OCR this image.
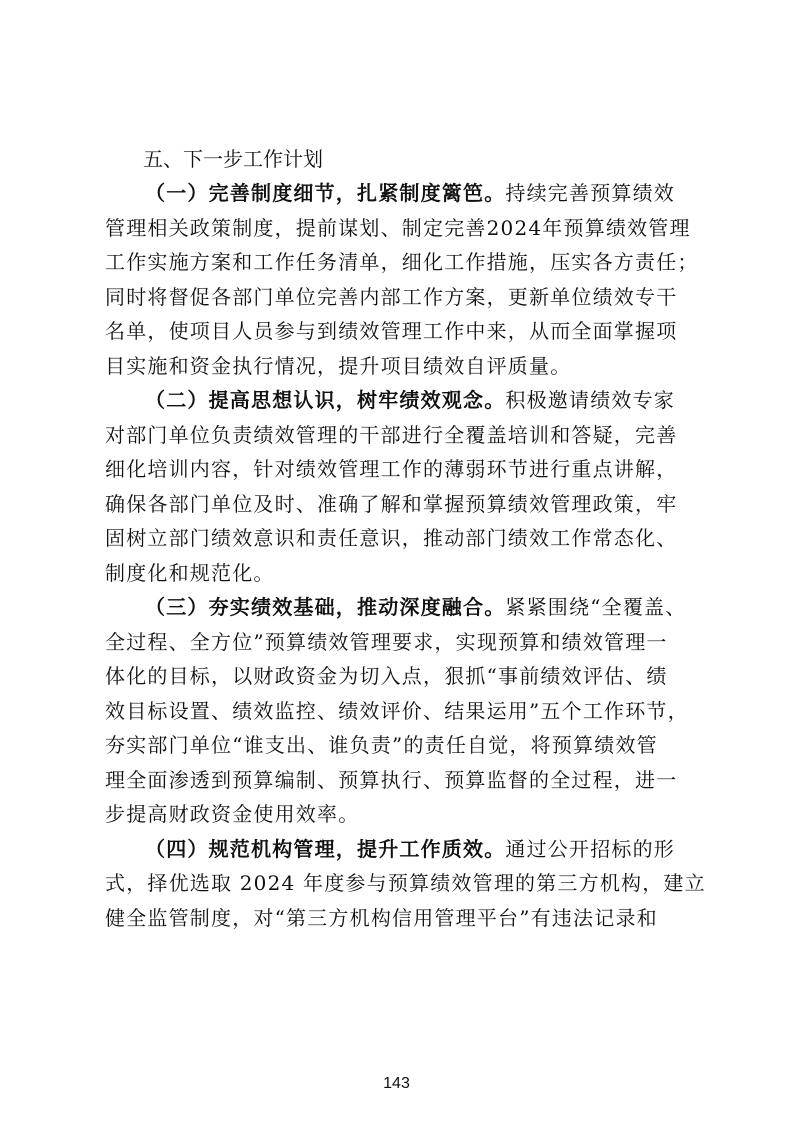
五、下一步工作计划
（一）完善制度细节，扎紧制度篱笆。持续完善预算绩效
管理相关政策制度，提前谋划、制定完善2024年预算绩效管理
工作实施方案和工作任务清单，细化工作措施，压实各方责任；
同时将督促各部门单位完善内部工作方案，更新单位绩效专干
名单，使项目人员参与到绩效管理工作中来，从而全面掌握项
目实施和资金执行情况，提升项目绩效自评质量。
（二）提高思想认识，树牢绩效观念。积极邀请绩效专家
对部门单位负责绩效管理的干部进行全覆盖培训和答疑，完善
细化培训内容，针对绩效管理工作的薄弱环节进行重点讲解，
确保各部门单位及时、准确了解和掌握预算绩效管理政策，牢
固树立部门绩效意识和责任意识，推动部门绩效工作常态化、
制度化和规范化。
（三）夯实绩效基础，推动深度融合。紧紧围绕“全覆盖、
全过程、全方位”预算绩效管理要求，实现预算和绩效管理一
体化的目标，以财政资金为切入点，狠抓“事前绩效评估、绩
效目标设置、绩效监控、绩效评价、结果运用”五个工作环节，
夯实部门单位“谁支出、谁负责”的责任自觉，将预算绩效管
理全面渗透到预算编制、预算执行、预算监督的全过程，进一
步提高财政资金使用效率。
（四）规范机构管理，提升工作质效。通过公开招标的形
式，择优选取 2024 年度参与预算绩效管理的第三方机构，建立
健全监管制度，对“第三方机构信用管理平台”有违法记录和
143
